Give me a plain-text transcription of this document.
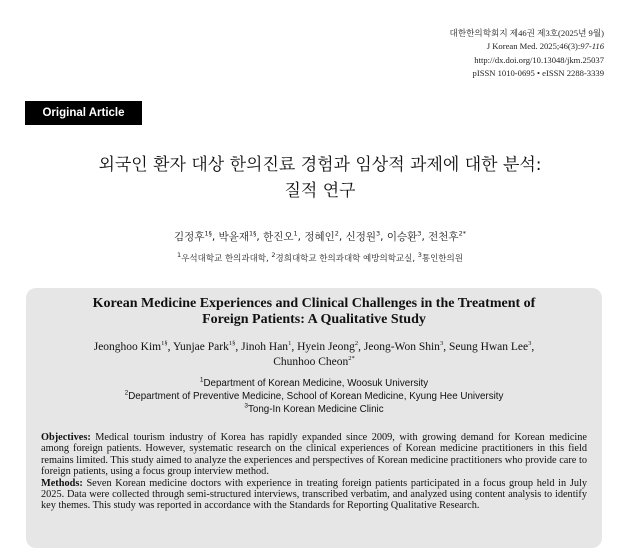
대한한의학회지 제46권 제3호(2025년 9월)
J Korean Med. 2025;46(3):97-116
http://dx.doi.org/10.13048/jkm.25037
pISSN 1010-0695 • eISSN 2288-3339
Original Article
외국인 환자 대상 한의진료 경험과 임상적 과제에 대한 분석:
질적 연구
김정후$^{1\S}$, 박윤재$^{1\S}$, 한진오$^1$, 정혜인$^2$, 신정원$^3$, 이승환$^3$, 전천후$^{2*}$
$^1$우석대학교 한의과대학, $^2$경희대학교 한의과대학 예방의학교실, $^3$통인한의원
Korean Medicine Experiences and Clinical Challenges in the Treatment of
Foreign Patients: A Qualitative Study
Jeonghoo Kim$^{1\S}$, Yunjae Park$^{1\S}$, Jinoh Han$^1$, Hyein Jeong$^2$, Jeong-Won Shin$^3$, Seung Hwan Lee$^3$,
Chunhoo Cheon$^{2*}$
$^1$Department of Korean Medicine, Woosuk University
$^2$Department of Preventive Medicine, School of Korean Medicine, Kyung Hee University
$^3$Tong-In Korean Medicine Clinic

Objectives: Medical tourism industry of Korea has rapidly expanded since 2009, with growing demand for Korean medicine among foreign patients. However, systematic research on the clinical experiences of Korean medicine practitioners in this field remains limited. This study aimed to analyze the experiences and perspectives of Korean medicine practitioners who provide care to foreign patients, using a focus group interview method.

Methods: Seven Korean medicine doctors with experience in treating foreign patients participated in a focus group held in July 2025. Data were collected through semi-structured interviews, transcribed verbatim, and analyzed using content analysis to identify key themes. This study was reported in accordance with the Standards for Reporting Qualitative Research.
